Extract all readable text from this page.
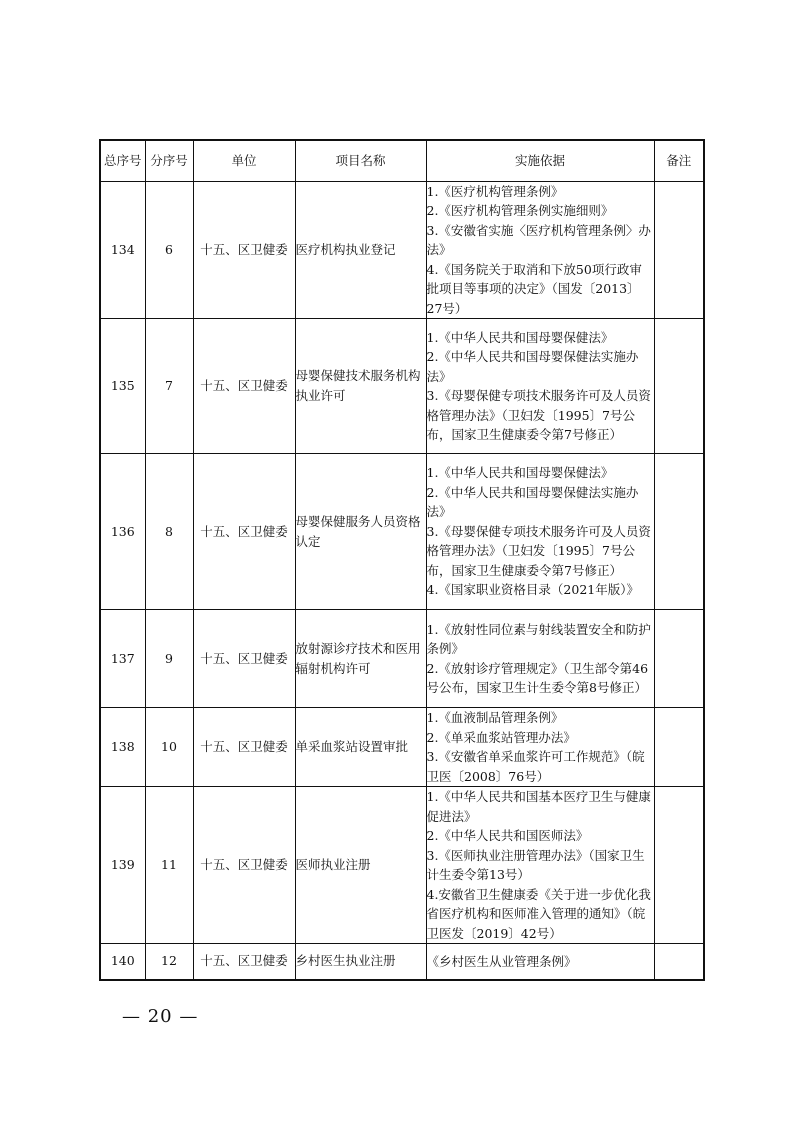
总序号	分序号	单位	项目名称	实施依据	备注
134	6	十五、区卫健委	医疗机构执业登记	1.《医疗机构管理条例》
2.《医疗机构管理条例实施细则》
3.《安徽省实施〈医疗机构管理条例〉办法》
4.《国务院关于取消和下放50项行政审批项目等事项的决定》（国发〔2013〕27号）	

135	7	十五、区卫健委	母婴保健技术服务机构执业许可	1.《中华人民共和国母婴保健法》
2.《中华人民共和国母婴保健法实施办法》
3.《母婴保健专项技术服务许可及人员资格管理办法》（卫妇发〔1995〕7号公布，国家卫生健康委令第7号修正）	

136	8	十五、区卫健委	母婴保健服务人员资格认定	1.《中华人民共和国母婴保健法》
2.《中华人民共和国母婴保健法实施办法》
3.《母婴保健专项技术服务许可及人员资格管理办法》（卫妇发〔1995〕7号公布，国家卫生健康委令第7号修正）
4.《国家职业资格目录（2021年版）》	

137	9	十五、区卫健委	放射源诊疗技术和医用辐射机构许可	1.《放射性同位素与射线装置安全和防护条例》
2.《放射诊疗管理规定》（卫生部令第46号公布，国家卫生计生委令第8号修正）	

138	10	十五、区卫健委	单采血浆站设置审批	1.《血液制品管理条例》
2.《单采血浆站管理办法》
3.《安徽省单采血浆许可工作规范》（皖卫医〔2008〕76号）	

139	11	十五、区卫健委	医师执业注册	1.《中华人民共和国基本医疗卫生与健康促进法》
2.《中华人民共和国医师法》
3.《医师执业注册管理办法》（国家卫生计生委令第13号）
4.安徽省卫生健康委《关于进一步优化我省医疗机构和医师准入管理的通知》（皖卫医发〔2019〕42号）	

140	12	十五、区卫健委	乡村医生执业注册	《乡村医生从业管理条例》	

— 20 —
